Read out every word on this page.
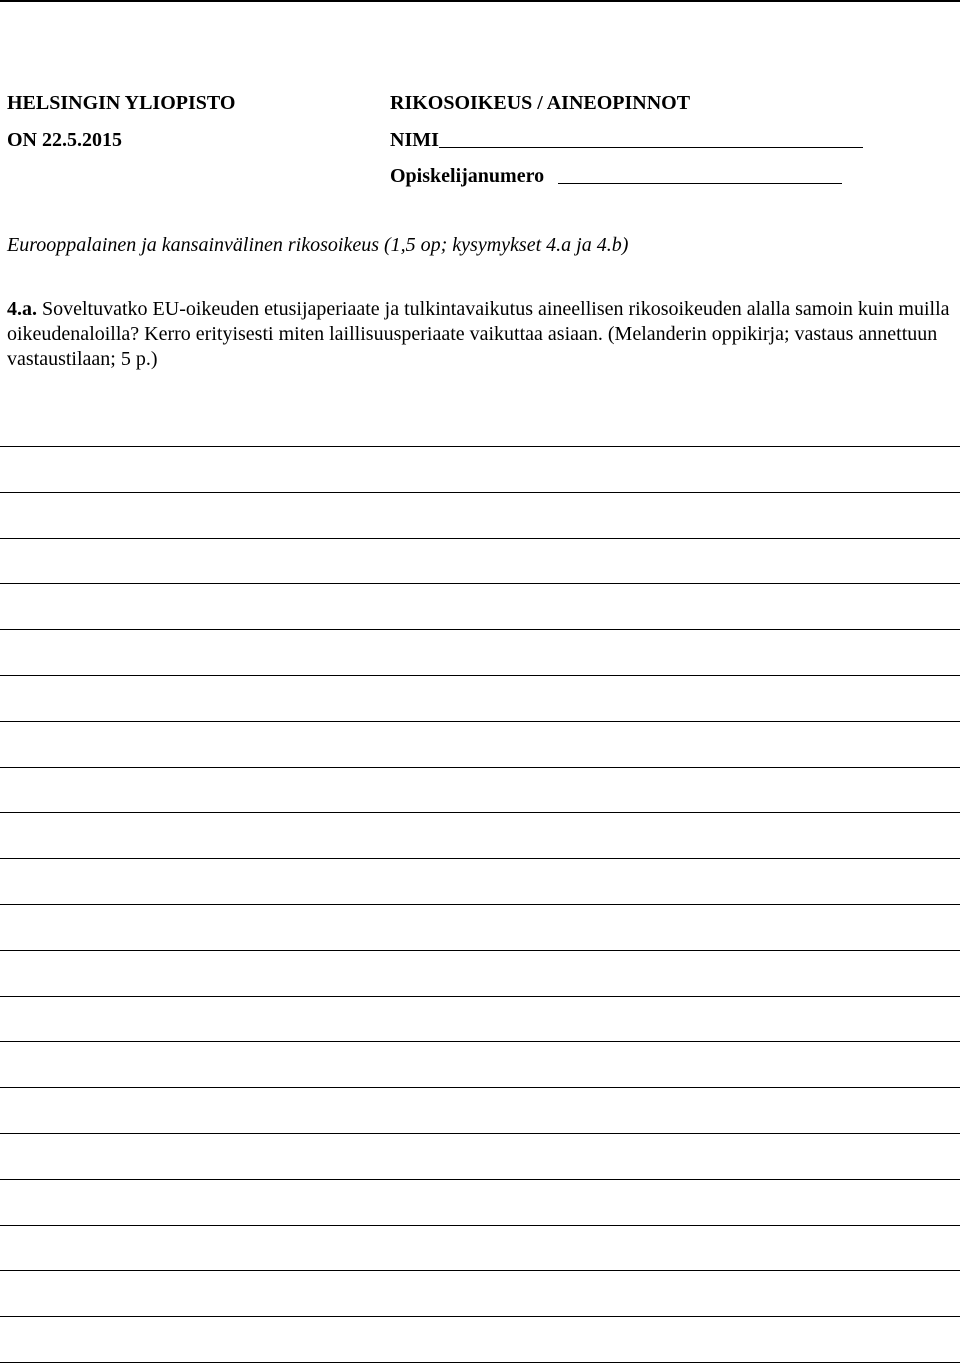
HELSINGIN YLIOPISTO
ON 22.5.2015
RIKOSOIKEUS / AINEOPINNOT
NIMI
Opiskelijanumero
Eurooppalainen ja kansainvälinen rikosoikeus (1,5 op; kysymykset 4.a ja 4.b)
4.a. Soveltuvatko EU-oikeuden etusijaperiaate ja tulkintavaikutus aineellisen rikosoikeuden alalla samoin kuin muilla oikeudenaloilla? Kerro erityisesti miten laillisuusperiaate vaikuttaa asiaan. (Melanderin oppikirja; vastaus annettuun vastaustilaan; 5 p.)
